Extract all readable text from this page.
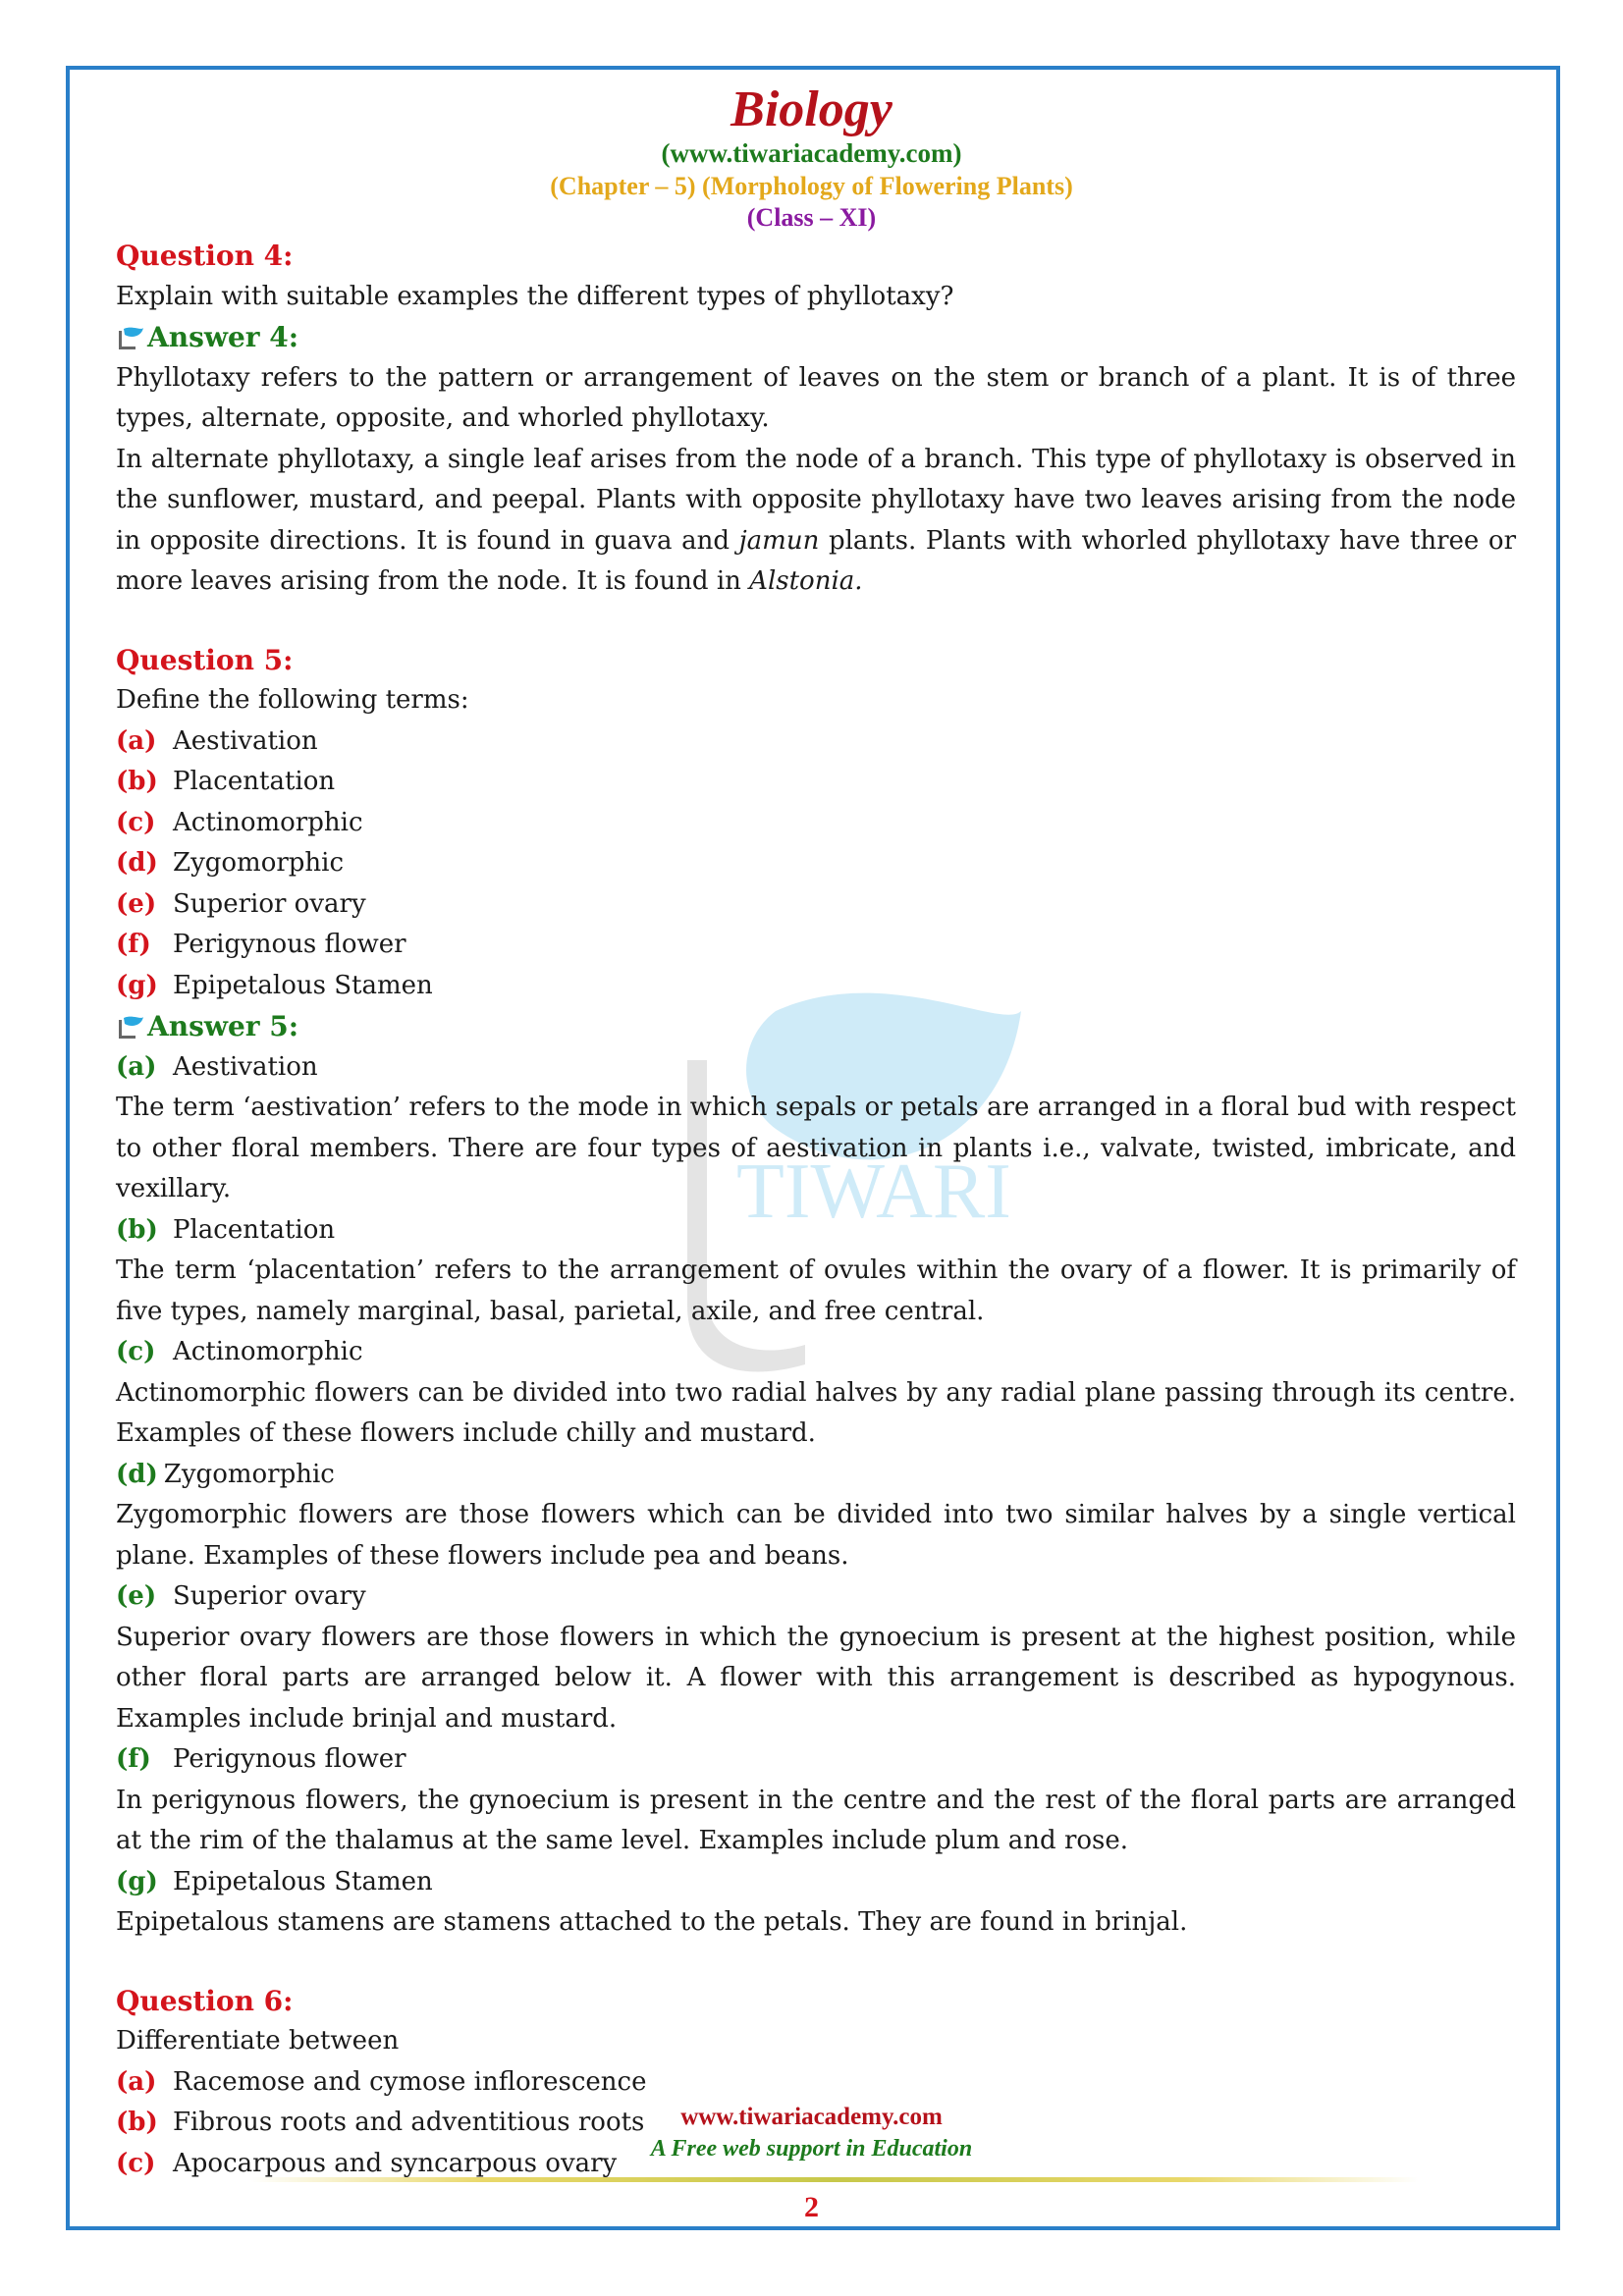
TIWARI
Biology
(www.tiwariacademy.com)
(Chapter – 5) (Morphology of Flowering Plants)
(Class – XI)
Question 4:

Explain with suitable examples the different types of phyllotaxy?

Answer 4:

Phyllotaxy refers to the pattern or arrangement of leaves on the stem or branch of a plant. It is of three types, alternate, opposite, and whorled phyllotaxy.

In alternate phyllotaxy, a single leaf arises from the node of a branch. This type of phyllotaxy is observed in the sunflower, mustard, and peepal. Plants with opposite phyllotaxy have two leaves arising from the node in opposite directions. It is found in guava and jamun plants. Plants with whorled phyllotaxy have three or more leaves arising from the node. It is found in Alstonia.

Question 5:

Define the following terms:

(a) Aestivation
(b) Placentation
(c) Actinomorphic
(d) Zygomorphic
(e) Superior ovary
(f) Perigynous flower
(g) Epipetalous Stamen
Answer 5:
(a) Aestivation

The term ‘aestivation’ refers to the mode in which sepals or petals are arranged in a floral bud with respect to other floral members. There are four types of aestivation in plants i.e., valvate, twisted, imbricate, and vexillary.

(b) Placentation

The term ‘placentation’ refers to the arrangement of ovules within the ovary of a flower. It is primarily of five types, namely marginal, basal, parietal, axile, and free central.

(c) Actinomorphic

Actinomorphic flowers can be divided into two radial halves by any radial plane passing through its centre. Examples of these flowers include chilly and mustard.

(d) Zygomorphic

Zygomorphic flowers are those flowers which can be divided into two similar halves by a single vertical plane. Examples of these flowers include pea and beans.

(e) Superior ovary

Superior ovary flowers are those flowers in which the gynoecium is present at the highest position, while other floral parts are arranged below it. A flower with this arrangement is described as hypogynous. Examples include brinjal and mustard.

(f) Perigynous flower

In perigynous flowers, the gynoecium is present in the centre and the rest of the floral parts are arranged at the rim of the thalamus at the same level. Examples include plum and rose.

(g) Epipetalous Stamen

Epipetalous stamens are stamens attached to the petals. They are found in brinjal.

Question 6:

Differentiate between

(a) Racemose and cymose inflorescence
(b) Fibrous roots and adventitious roots
(c) Apocarpous and syncarpous ovary
www.tiwariacademy.com
A Free web support in Education
2
